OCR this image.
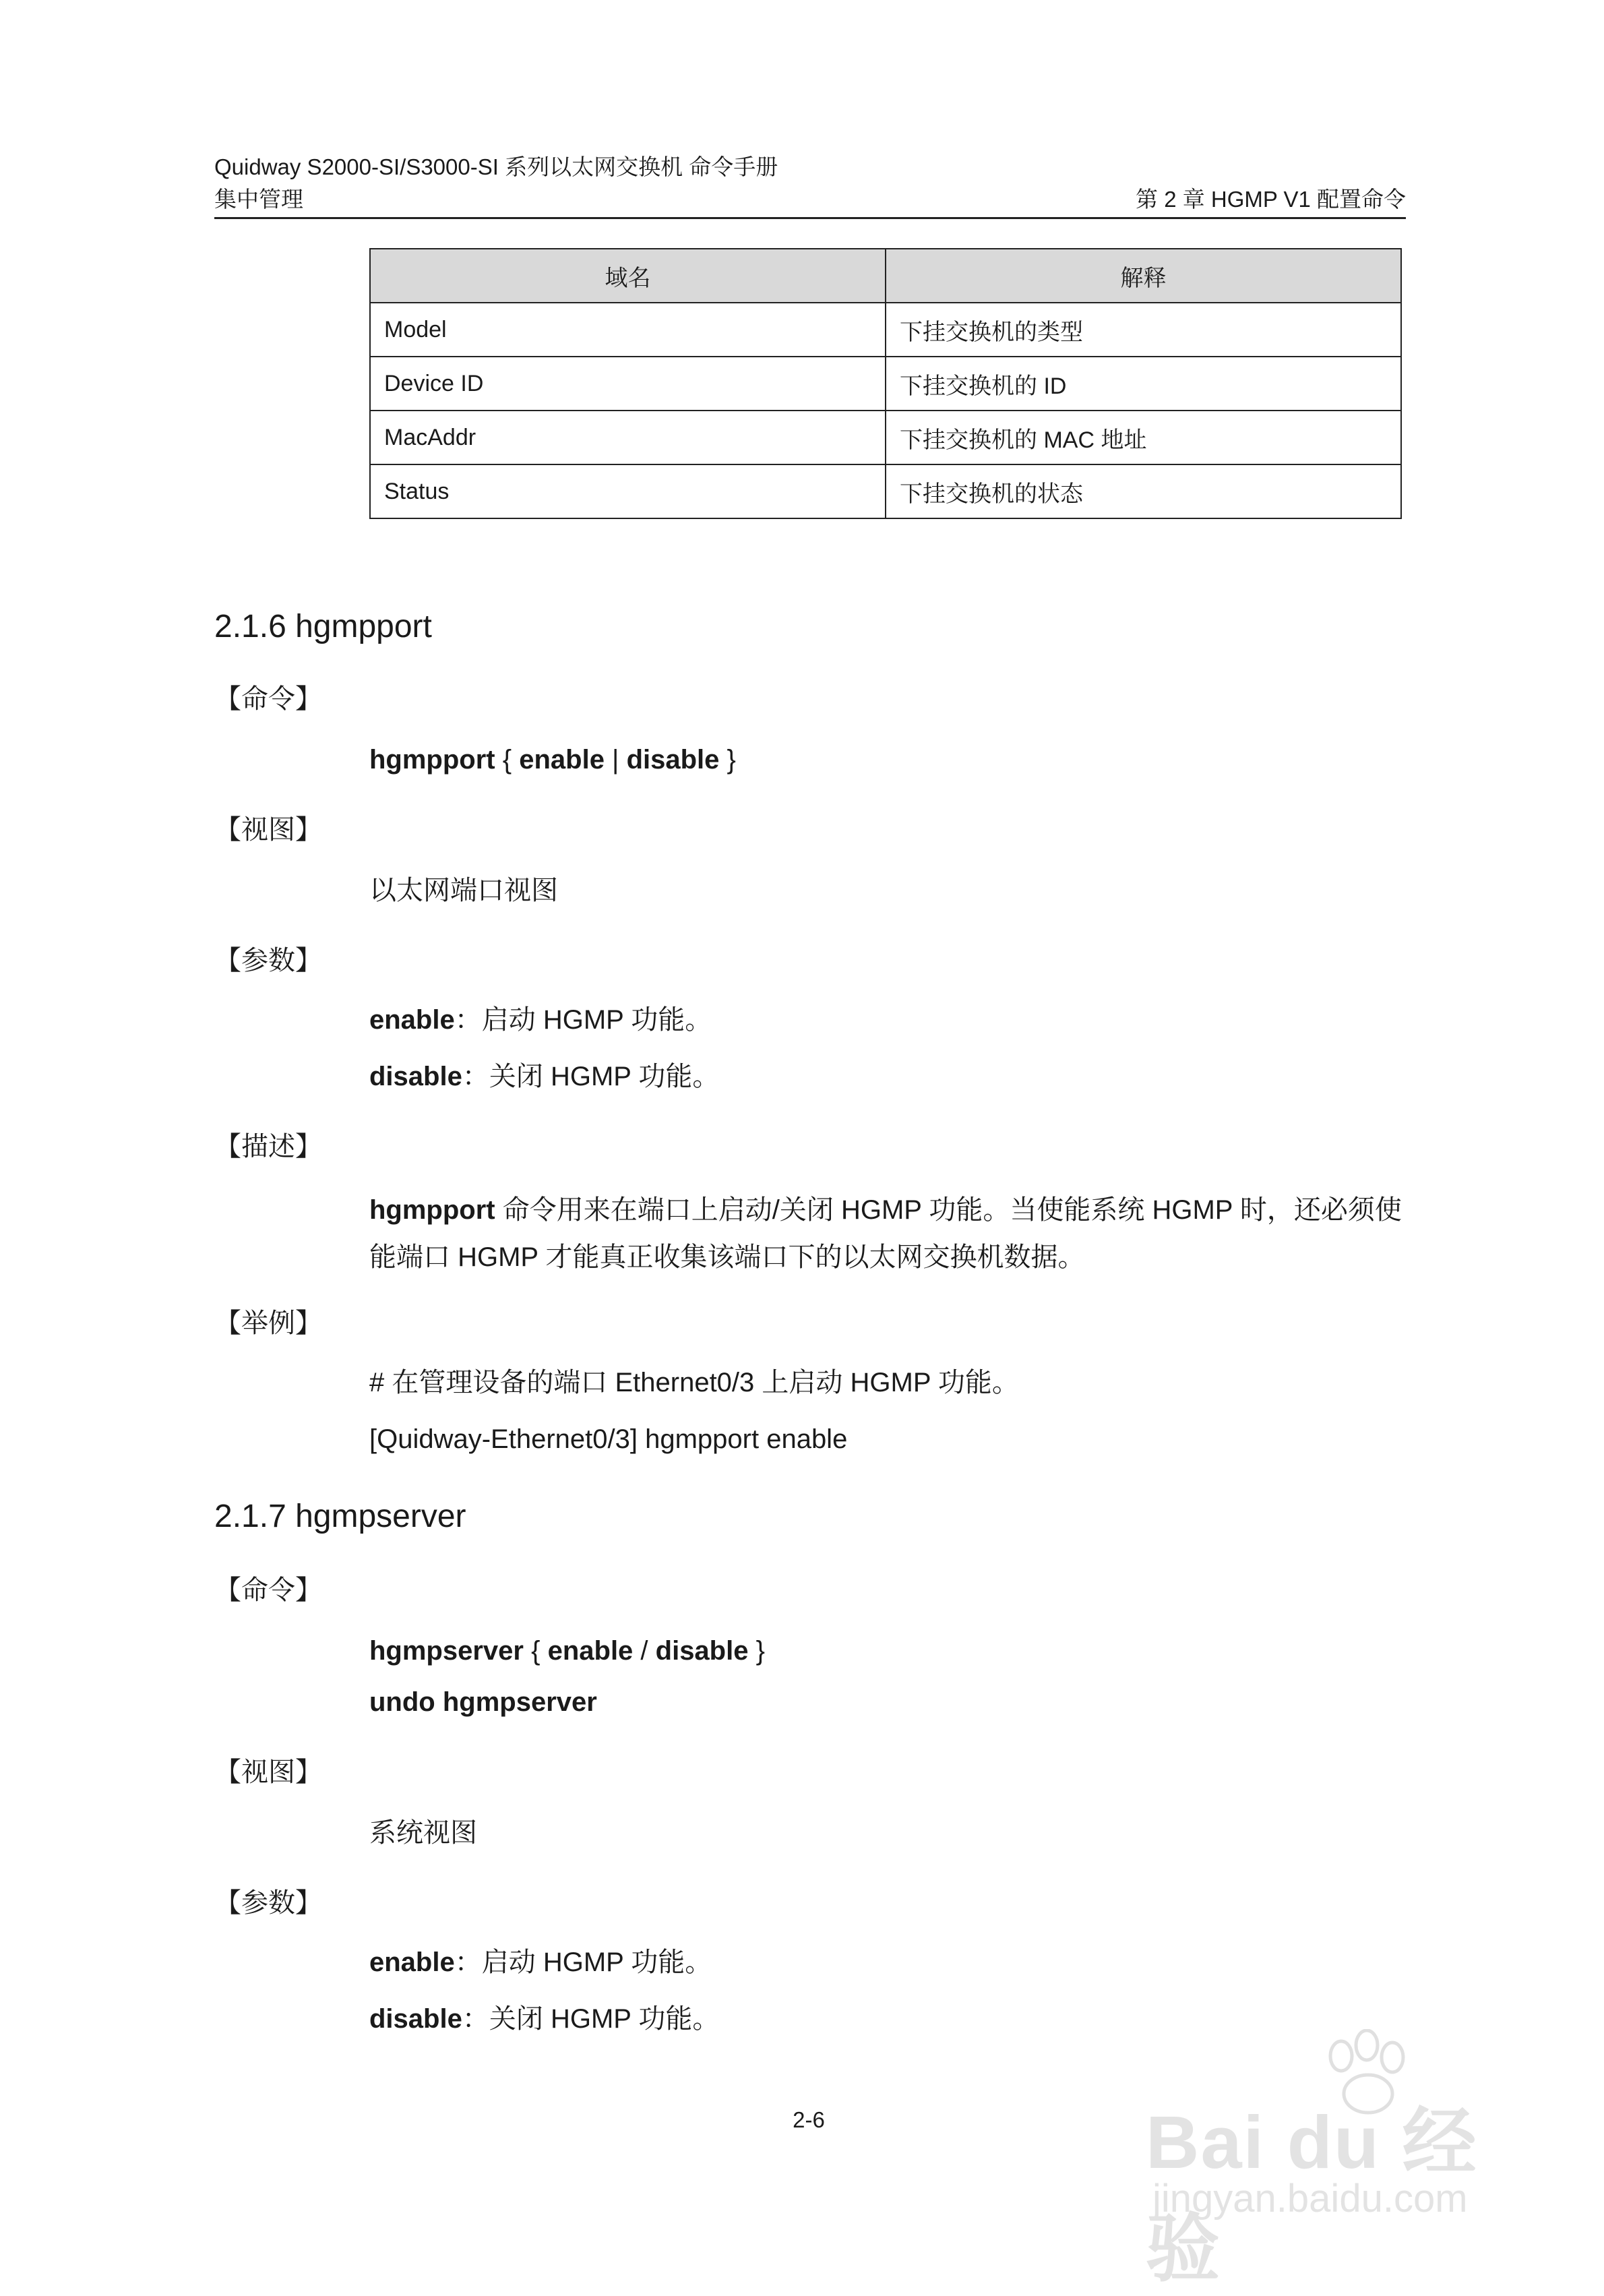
Quidway S2000-SI/S3000-SI 系列以太网交换机 命令手册
集中管理	第 2 章 HGMP V1 配置命令
域名	解释
Model	下挂交换机的类型
Device ID	下挂交换机的 ID
MacAddr	下挂交换机的 MAC 地址
Status	下挂交换机的状态
2.1.6 hgmpport
【命令】
hgmpport { enable | disable }
【视图】
以太网端口视图
【参数】
enable：启动 HGMP 功能。
disable：关闭 HGMP 功能。
【描述】
hgmpport 命令用来在端口上启动/关闭 HGMP 功能。当使能系统 HGMP 时，还必须使能端口 HGMP 才能真正收集该端口下的以太网交换机数据。
【举例】
# 在管理设备的端口 Ethernet0/3 上启动 HGMP 功能。
[Quidway-Ethernet0/3] hgmpport enable
2.1.7 hgmpserver
【命令】
hgmpserver { enable / disable }
undo hgmpserver
【视图】
系统视图
【参数】
enable：启动 HGMP 功能。
disable：关闭 HGMP 功能。
2-6	Bai du 经验
jingyan.baidu.com
